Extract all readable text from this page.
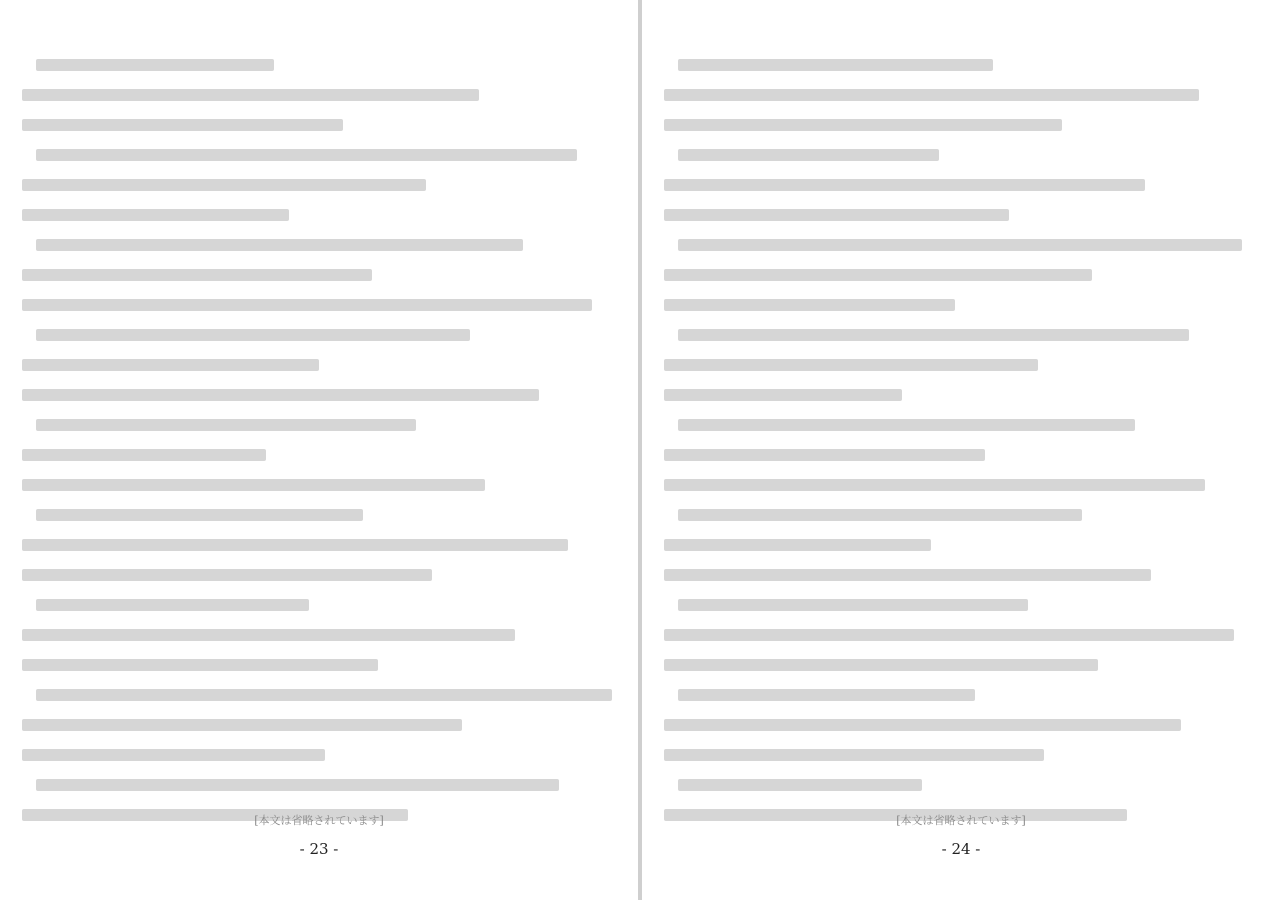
[本文は省略されています]
- 23 -
[本文は省略されています]
- 24 -
